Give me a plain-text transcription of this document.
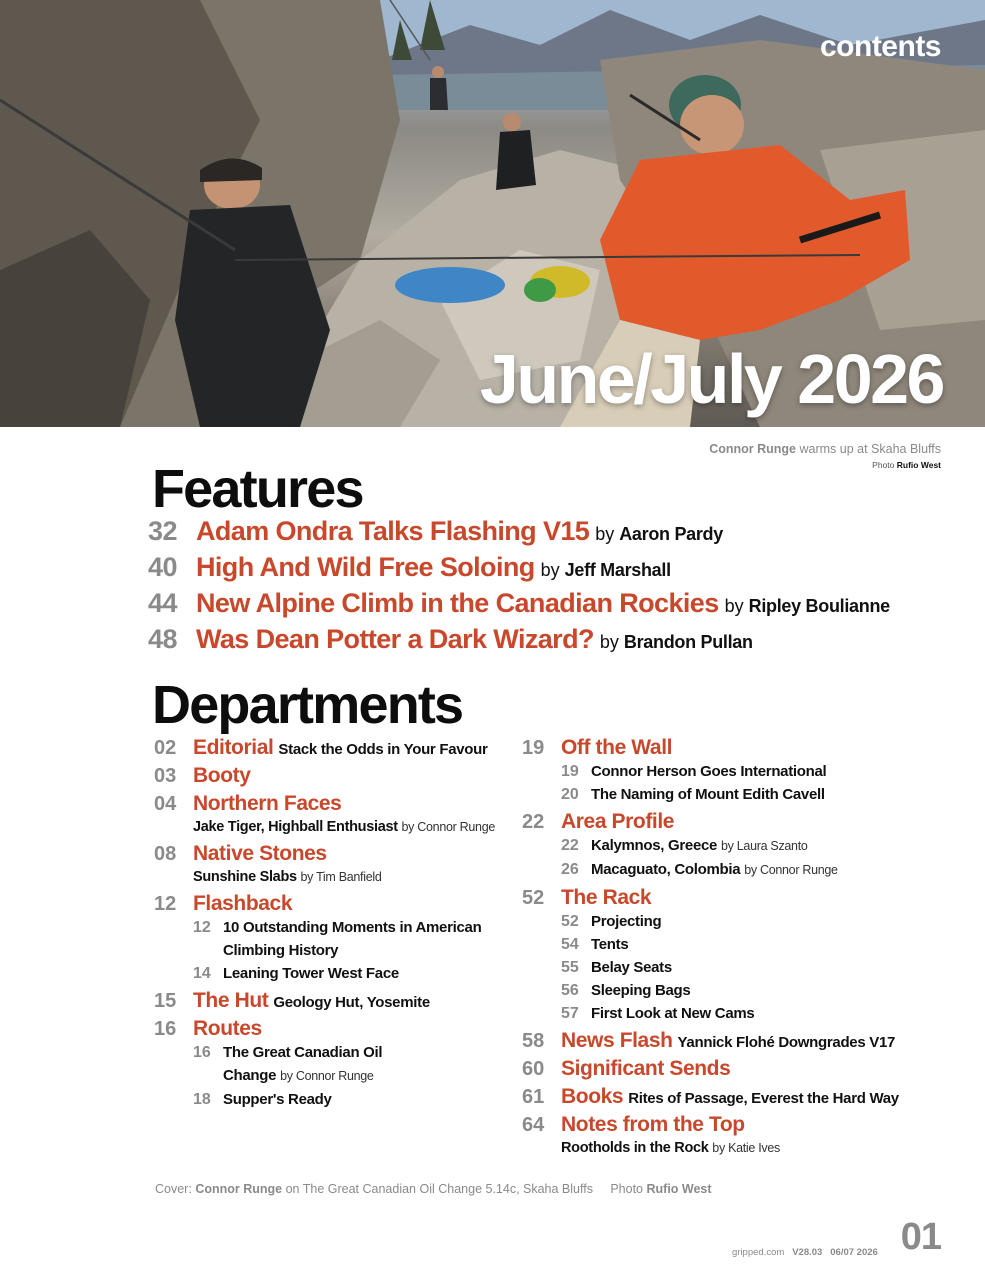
contents
June/July 2026
Connor Runge warms up at Skaha Bluffs
Photo Rufio West
Features
32 Adam Ondra Talks Flashing V15 by Aaron Pardy
40 High And Wild Free Soloing by Jeff Marshall
44 New Alpine Climb in the Canadian Rockies by Ripley Boulianne
48 Was Dean Potter a Dark Wizard? by Brandon Pullan
Departments
02 Editorial Stack the Odds in Your Favour
03 Booty
04 Northern Faces
Jake Tiger, Highball Enthusiast by Connor Runge
08 Native Stones
Sunshine Slabs by Tim Banfield
12 Flashback
12 10 Outstanding Moments in American
Climbing History
14 Leaning Tower West Face
15 The Hut Geology Hut, Yosemite
16 Routes
16 The Great Canadian Oil
Change by Connor Runge
18 Supper's Ready
19 Off the Wall
19 Connor Herson Goes International
20 The Naming of Mount Edith Cavell
22 Area Profile
22 Kalymnos, Greece by Laura Szanto
26 Macaguato, Colombia by Connor Runge
52 The Rack
52 Projecting
54 Tents
55 Belay Seats
56 Sleeping Bags
57 First Look at New Cams
58 News Flash Yannick Flohé Downgrades V17
60 Significant Sends
61 Books Rites of Passage, Everest the Hard Way
64 Notes from the Top
Rootholds in the Rock by Katie Ives
Cover: Connor Runge on The Great Canadian Oil Change 5.14c, Skaha Bluffs Photo Rufio West
gripped.com V28.03 06/07 2026 01
